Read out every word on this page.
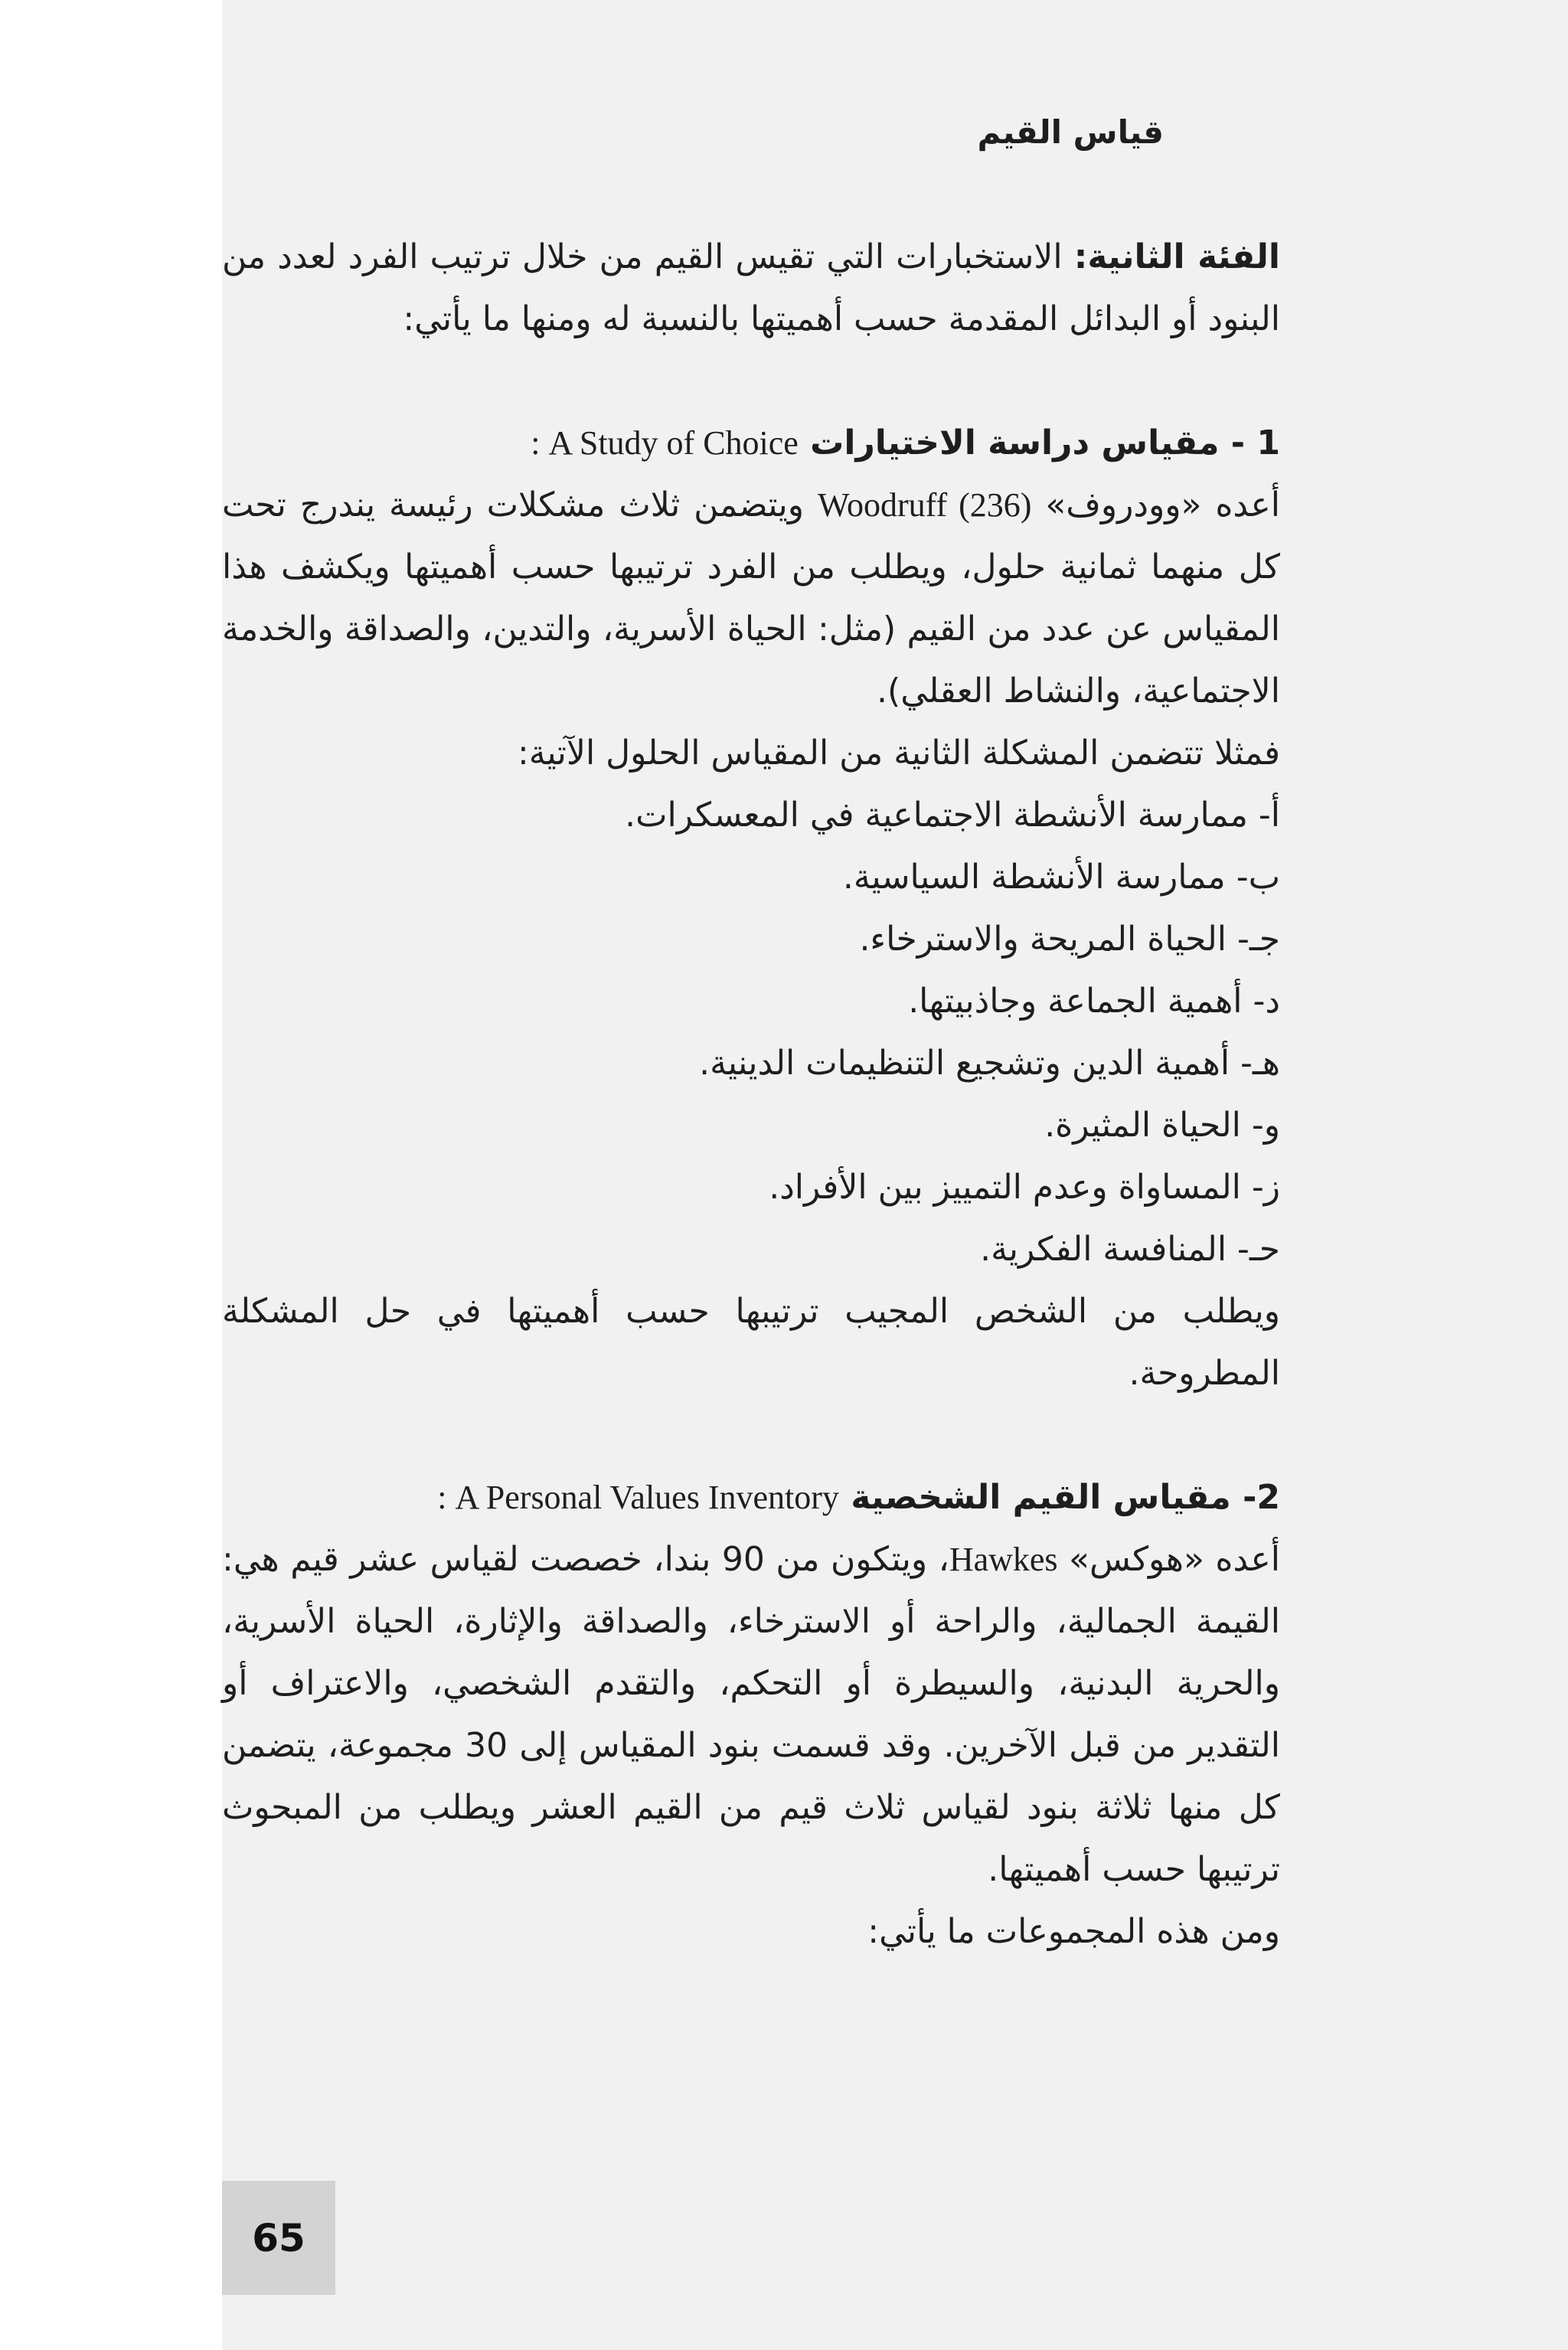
قياس القيم

الفئة الثانية: الاستخبارات التي تقيس القيم من خلال ترتيب الفرد لعدد من البنود أو البدائل المقدمة حسب أهميتها بالنسبة له ومنها ما يأتي:

1 - مقياس دراسة الاختيارات A Study of Choice :

أعده «وودروف» Woodruff (236) ويتضمن ثلاث مشكلات رئيسة يندرج تحت كل منهما ثمانية حلول، ويطلب من الفرد ترتيبها حسب أهميتها ويكشف هذا المقياس عن عدد من القيم (مثل: الحياة الأسرية، والتدين، والصداقة والخدمة الاجتماعية، والنشاط العقلي).

فمثلا تتضمن المشكلة الثانية من المقياس الحلول الآتية:

أ- ممارسة الأنشطة الاجتماعية في المعسكرات.
ب- ممارسة الأنشطة السياسية.
جـ- الحياة المريحة والاسترخاء.
د- أهمية الجماعة وجاذبيتها.
هـ- أهمية الدين وتشجيع التنظيمات الدينية.
و- الحياة المثيرة.
ز- المساواة وعدم التمييز بين الأفراد.
حـ- المنافسة الفكرية.

ويطلب من الشخص المجيب ترتيبها حسب أهميتها في حل المشكلة المطروحة.

2- مقياس القيم الشخصية A Personal Values Inventory :

أعده «هوكس» Hawkes، ويتكون من 90 بندا، خصصت لقياس عشر قيم هي: القيمة الجمالية، والراحة أو الاسترخاء، والصداقة والإثارة، الحياة الأسرية، والحرية البدنية، والسيطرة أو التحكم، والتقدم الشخصي، والاعتراف أو التقدير من قبل الآخرين. وقد قسمت بنود المقياس إلى 30 مجموعة، يتضمن كل منها ثلاثة بنود لقياس ثلاث قيم من القيم العشر ويطلب من المبحوث ترتيبها حسب أهميتها.

ومن هذه المجموعات ما يأتي:

65
